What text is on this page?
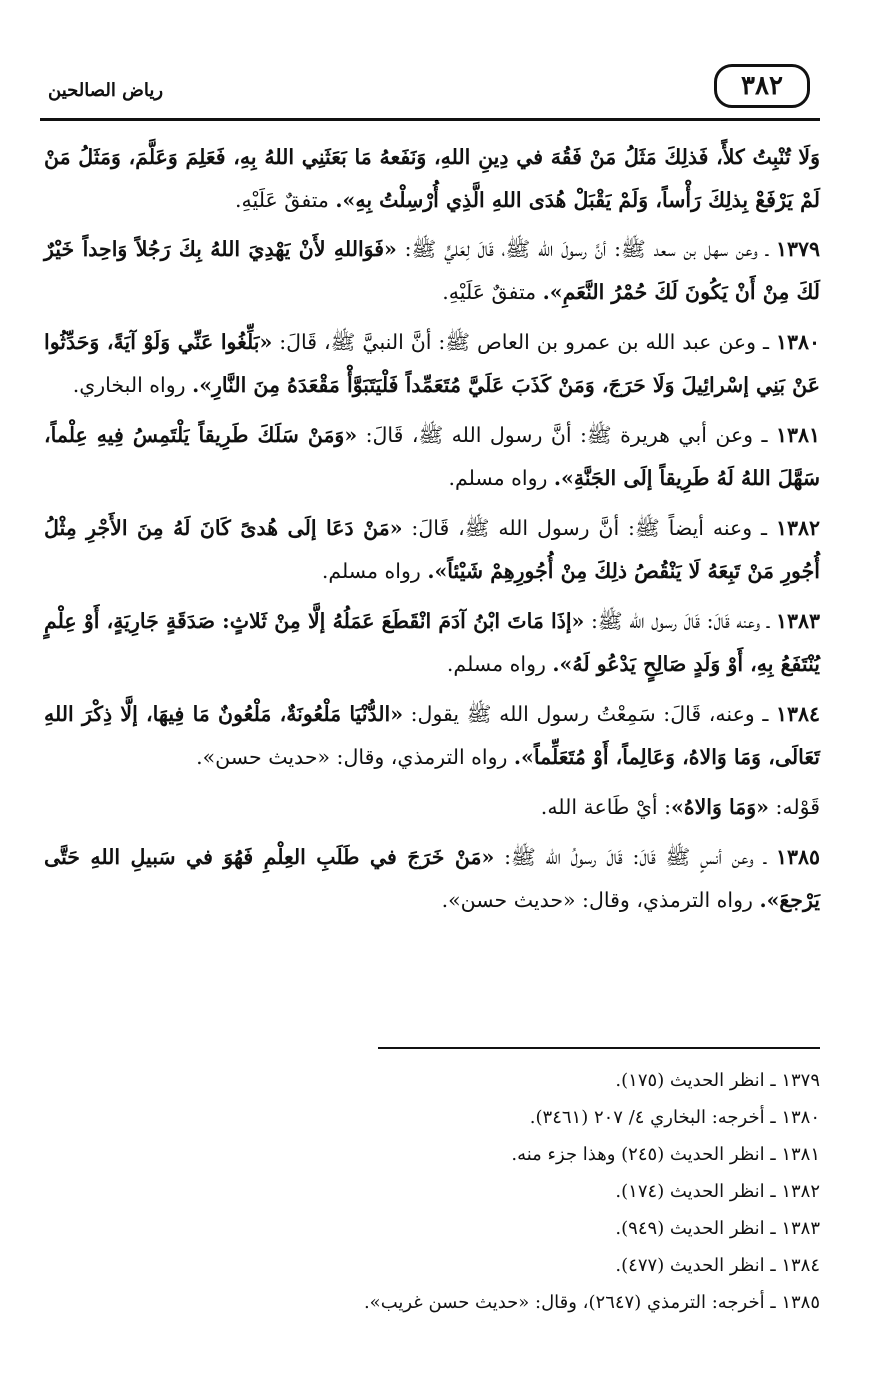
٣٨٢
رياض الصالحين

وَلَا تُنْبِتُ كلأً، فَذلِكَ مَثَلُ مَنْ فَقُهَ في دِينِ اللهِ، وَنَفَعهُ مَا بَعَثَنِي اللهُ بِهِ، فَعَلِمَ وَعَلَّمَ، وَمَثَلُ مَنْ لَمْ يَرْفَعْ بِذلِكَ رَأْساً، وَلَمْ يَقْبَلْ هُدَى اللهِ الَّذِي أُرْسِلْتُ بِهِ». متفقٌ عَلَيْهِ.

١٣٧٩ ـ وعن سهل بن سعد ﷺ: أنَّ رسولَ الله ﷺ، قَالَ لِعَليٍّ ﷺ: «فَوَاللهِ لأَنْ يَهْدِيَ اللهُ بِكَ رَجُلاً وَاحِداً خَيْرٌ لَكَ مِنْ أَنْ يَكُونَ لَكَ حُمْرُ النَّعَمِ». متفقٌ عَلَيْهِ.

١٣٨٠ ـ وعن عبد الله بن عمرو بن العاص ﷺ: أنَّ النبيَّ ﷺ، قَالَ: «بَلِّغُوا عَنِّي وَلَوْ آيَةً، وَحَدِّثُوا عَنْ بَنِي إسْرائِيلَ وَلَا حَرَجَ، وَمَنْ كَذَبَ عَلَيَّ مُتَعَمِّداً فَلْيَتَبَوَّأْ مَقْعَدَهُ مِنَ النَّارِ». رواه البخاري.

١٣٨١ ـ وعن أبي هريرة ﷺ: أنَّ رسول الله ﷺ، قَالَ: «وَمَنْ سَلَكَ طَرِيقاً يَلْتَمِسُ فِيهِ عِلْماً، سَهَّلَ اللهُ لَهُ طَرِيقاً إلَى الجَنَّةِ». رواه مسلم.

١٣٨٢ ـ وعنه أيضاً ﷺ: أنَّ رسول الله ﷺ، قَالَ: «مَنْ دَعَا إلَى هُدىً كَانَ لَهُ مِنَ الأَجْرِ مِثْلُ أُجُورِ مَنْ تَبِعَهُ لَا يَنْقُصُ ذلِكَ مِنْ أُجُورِهِمْ شَيْئاً». رواه مسلم.

١٣٨٣ ـ وعنه قَالَ: قَالَ رسول الله ﷺ: «إذَا مَاتَ ابْنُ آدَمَ انْقَطَعَ عَمَلُهُ إلَّا مِنْ ثَلاثٍ: صَدَقَةٍ جَارِيَةٍ، أَوْ عِلْمٍ يُنْتَفَعُ بِهِ، أَوْ وَلَدٍ صَالِحٍ يَدْعُو لَهُ». رواه مسلم.

١٣٨٤ ـ وعنه، قَالَ: سَمِعْتُ رسول الله ﷺ يقول: «الدُّنْيَا مَلْعُونَةٌ، مَلْعُونٌ مَا فِيهَا، إلَّا ذِكْرَ اللهِ تَعَالَى، وَمَا وَالاهُ، وَعَالِماً، أَوْ مُتَعَلِّماً». رواه الترمذي، وقال: «حديث حسن».

قَوْله: «وَمَا وَالاهُ»: أيْ طَاعة الله.

١٣٨٥ ـ وعن أنسٍ ﷺ قَالَ: قَالَ رسولُ الله ﷺ: «مَنْ خَرَجَ في طَلَبِ العِلْمِ فَهُوَ في سَبيلِ اللهِ حَتَّى يَرْجعَ». رواه الترمذي، وقال: «حديث حسن».

١٣٧٩ ـ انظر الحديث (١٧٥).

١٣٨٠ ـ أخرجه: البخاري ٤/ ٢٠٧ (٣٤٦١).

١٣٨١ ـ انظر الحديث (٢٤٥) وهذا جزء منه.

١٣٨٢ ـ انظر الحديث (١٧٤).

١٣٨٣ ـ انظر الحديث (٩٤٩).

١٣٨٤ ـ انظر الحديث (٤٧٧).

١٣٨٥ ـ أخرجه: الترمذي (٢٦٤٧)، وقال: «حديث حسن غريب».
